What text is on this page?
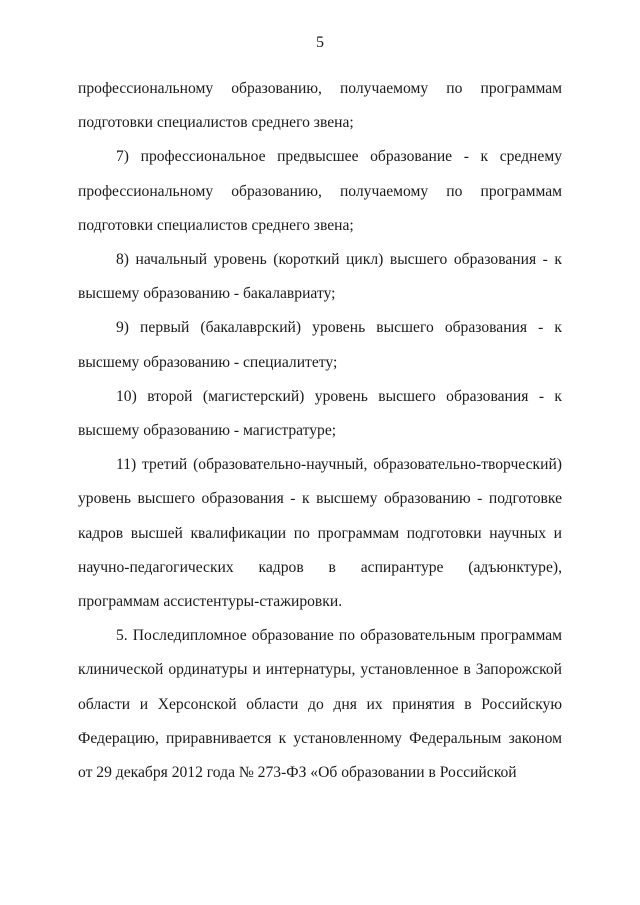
5

профессиональному образованию, получаемому по программам подготовки специалистов среднего звена;

7) профессиональное предвысшее образование - к среднему профессиональному образованию, получаемому по программам подготовки специалистов среднего звена;

8) начальный уровень (короткий цикл) высшего образования - к высшему образованию - бакалавриату;

9) первый (бакалаврский) уровень высшего образования - к высшему образованию - специалитету;

10) второй (магистерский) уровень высшего образования - к высшему образованию - магистратуре;

11) третий (образовательно-научный, образовательно-творческий) уровень высшего образования - к высшему образованию - подготовке кадров высшей квалификации по программам подготовки научных и научно-педагогических кадров в аспирантуре (адъюнктуре), программам ассистентуры-стажировки.

5. Последипломное образование по образовательным программам клинической ординатуры и интернатуры, установленное в Запорожской области и Херсонской области до дня их принятия в Российскую Федерацию, приравнивается к установленному Федеральным законом от 29 декабря 2012 года № 273-ФЗ «Об образовании в Российской
